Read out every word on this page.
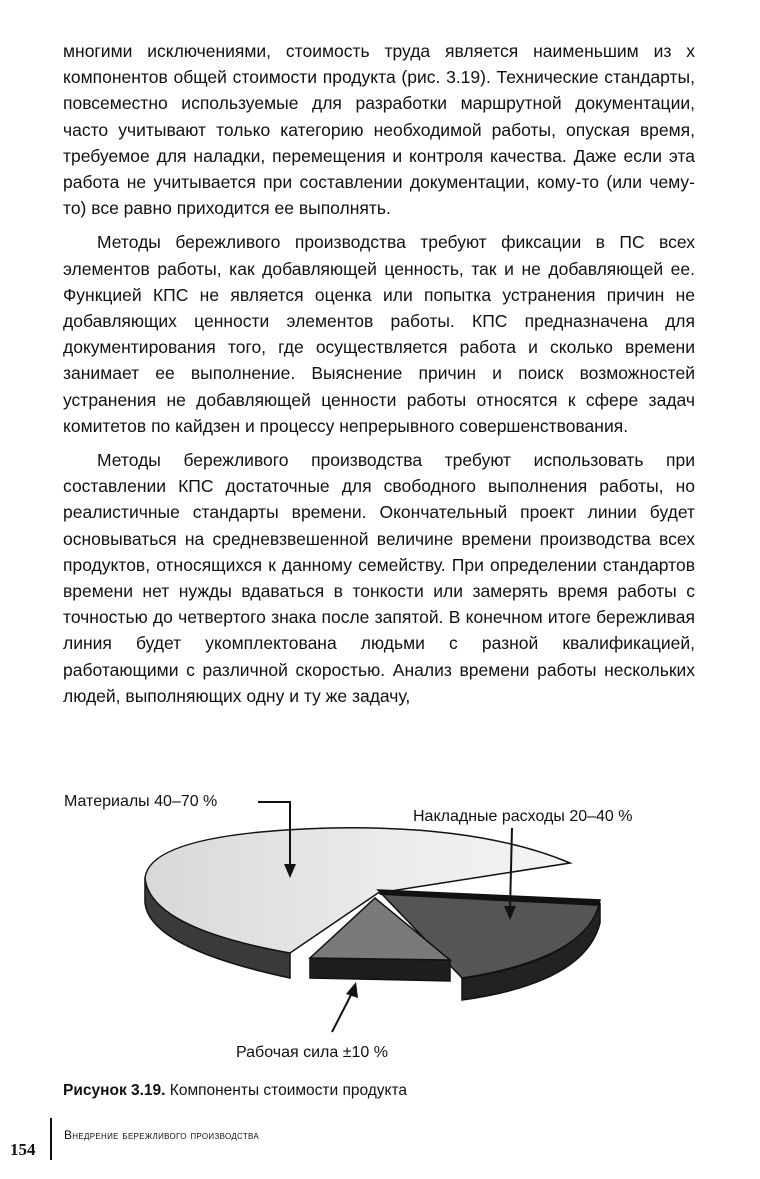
многими исключениями, стоимость труда является наименьшим из х компонентов общей стоимости продукта (рис. 3.19). Технические стандарты, повсеместно используемые для разработки маршрутной документации, часто учитывают только категорию необходимой работы, опуская время, требуемое для наладки, перемещения и контроля качества. Даже если эта работа не учитывается при составлении документации, кому-то (или чему-то) все равно приходится ее выполнять.

Методы бережливого производства требуют фиксации в ПС всех элементов работы, как добавляющей ценность, так и не добавляющей ее. Функцией КПС не является оценка или попытка устранения причин не добавляющих ценности элементов работы. КПС предназначена для документирования того, где осуществляется работа и сколько времени занимает ее выполнение. Выяснение причин и поиск возможностей устранения не добавляющей ценности работы относятся к сфере задач комитетов по кайдзен и процессу непрерывного совершенствования.

Методы бережливого производства требуют использовать при составлении КПС достаточные для свободного выполнения работы, но реалистичные стандарты времени. Окончательный проект линии будет основываться на средневзвешенной величине времени производства всех продуктов, относящихся к данному семейству. При определении стандартов времени нет нужды вдаваться в тонкости или замерять время работы с точностью до четвертого знака после запятой. В конечном итоге бережливая линия будет укомплектована людьми с разной квалификацией, работающими с различной скоростью. Анализ времени работы нескольких людей, выполняющих одну и ту же задачу,

Материалы 40–70 %
Накладные расходы 20–40 %
Рабочая сила ±10 %
Рисунок 3.19. Компоненты стоимости продукта
154
Внедрение бережливого производства
